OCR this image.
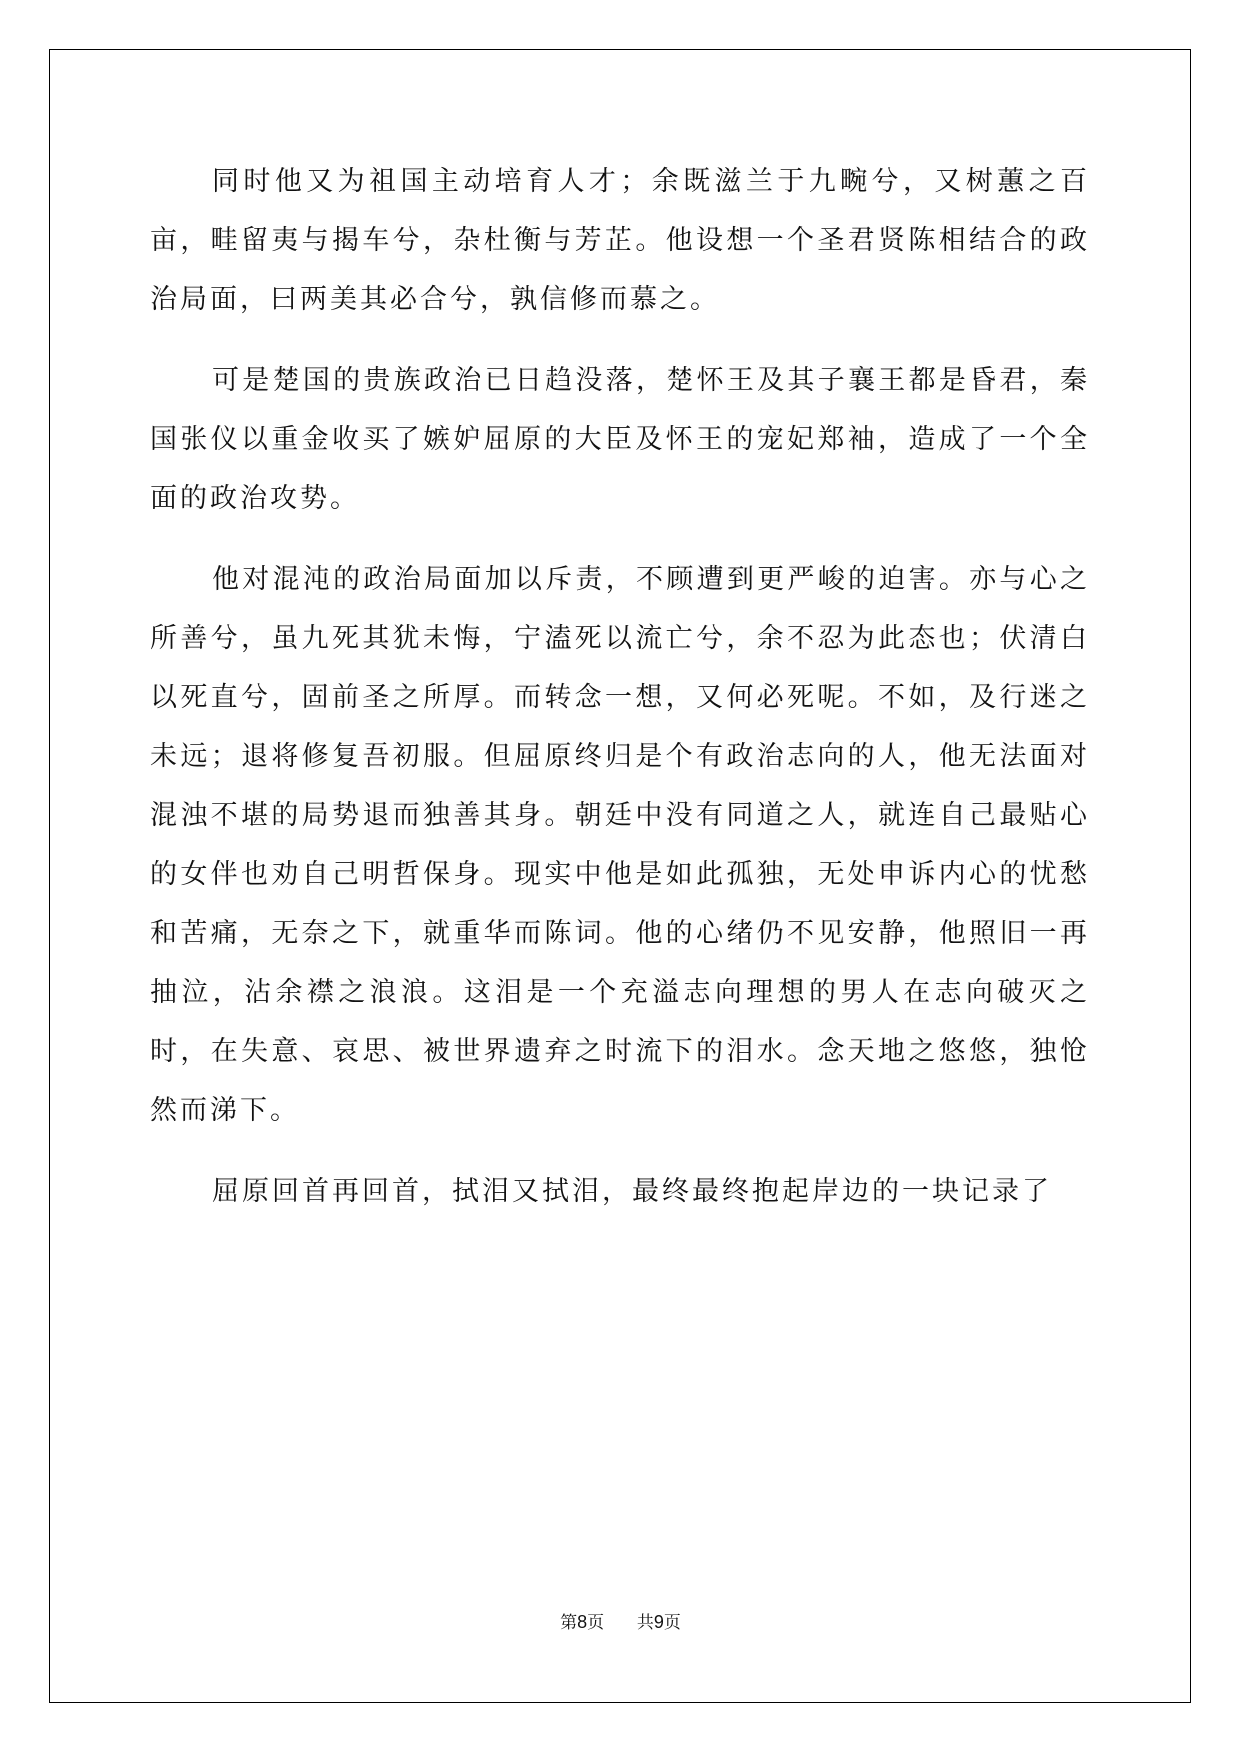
同时他又为祖国主动培育人才；余既滋兰于九畹兮，又树蕙之百亩，畦留夷与揭车兮，杂杜衡与芳芷。他设想一个圣君贤陈相结合的政治局面，曰两美其必合兮，孰信修而慕之。

可是楚国的贵族政治已日趋没落，楚怀王及其子襄王都是昏君，秦国张仪以重金收买了嫉妒屈原的大臣及怀王的宠妃郑袖，造成了一个全面的政治攻势。

他对混沌的政治局面加以斥责，不顾遭到更严峻的迫害。亦与心之所善兮，虽九死其犹未悔，宁溘死以流亡兮，余不忍为此态也；伏清白以死直兮，固前圣之所厚。而转念一想，又何必死呢。不如，及行迷之未远；退将修复吾初服。但屈原终归是个有政治志向的人，他无法面对混浊不堪的局势退而独善其身。朝廷中没有同道之人，就连自己最贴心的女伴也劝自己明哲保身。现实中他是如此孤独，无处申诉内心的忧愁和苦痛，无奈之下，就重华而陈词。他的心绪仍不见安静，他照旧一再抽泣，沾余襟之浪浪。这泪是一个充溢志向理想的男人在志向破灭之时，在失意、哀思、被世界遗弃之时流下的泪水。念天地之悠悠，独怆然而涕下。

屈原回首再回首，拭泪又拭泪，最终最终抱起岸边的一块记录了

第8页 共9页
